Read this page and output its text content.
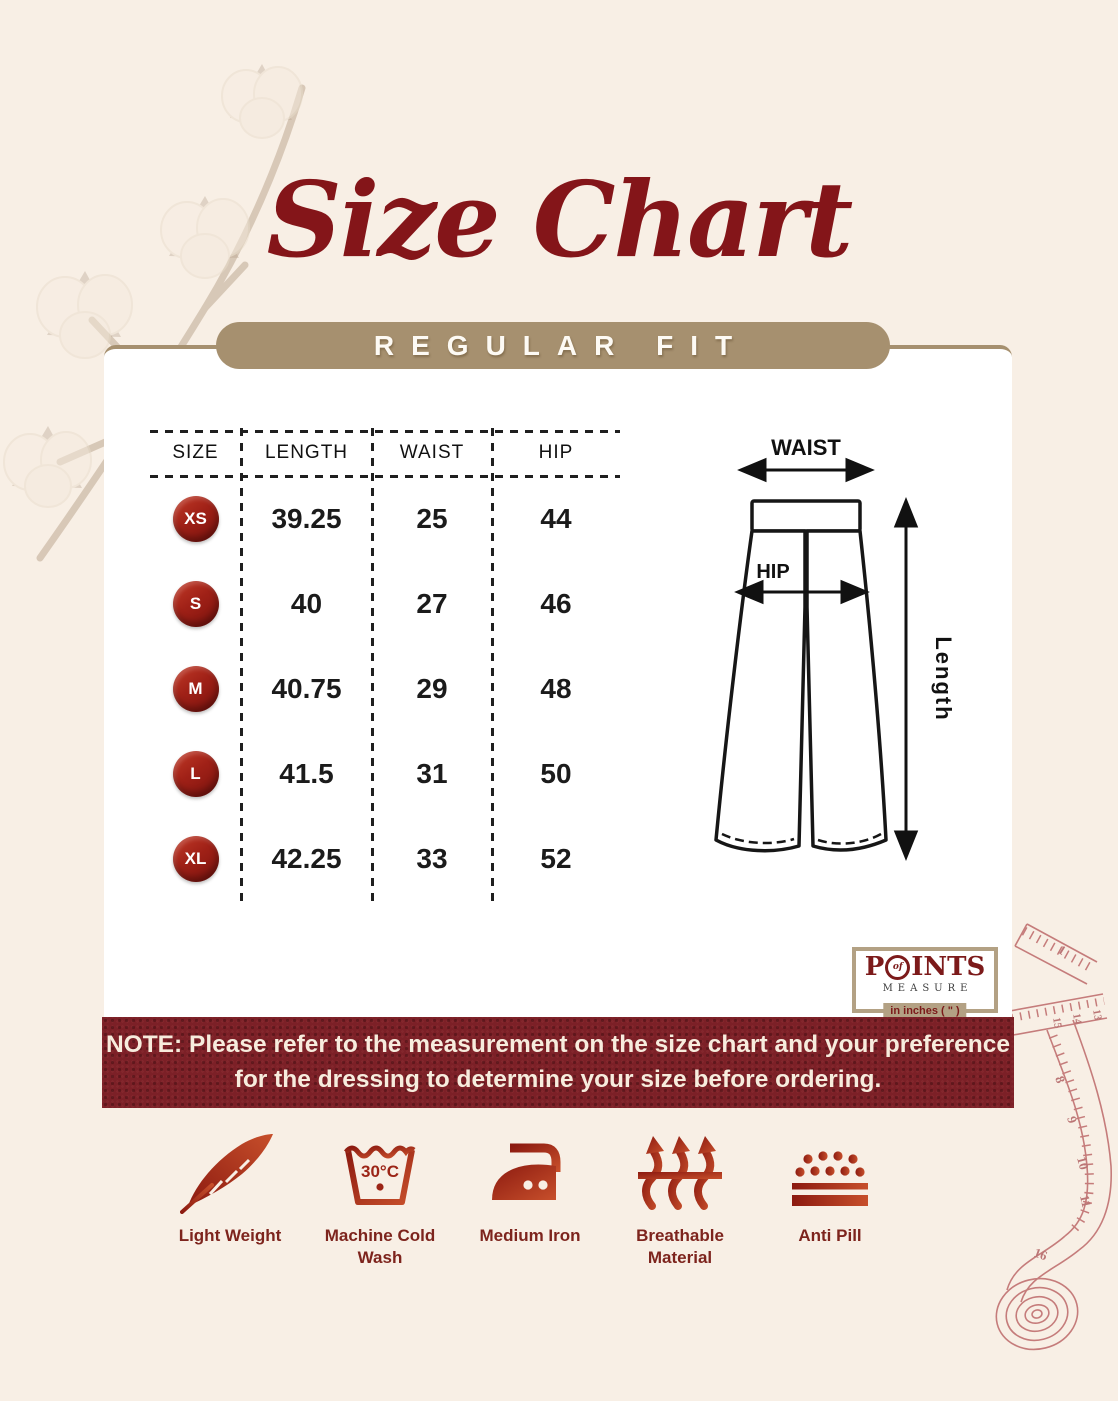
1
13
14
15
8
9
10
11
16
Size Chart
REGULAR FIT
SIZE	LENGTH	WAIST	HIP
XS	39.25	25	44
S	40	27	46
M	40.75	29	48
L	41.5	31	50
XL	42.25	33	52
WAIST
HIP
Length
P of INTS
MEASURE
in inches ( " )
NOTE: Please refer to the measurement on the size chart and your preference
for the dressing to determine your size before ordering.
Light Weight
30°C
Machine Cold Wash
Medium Iron	Breathable Material
Anti Pill
